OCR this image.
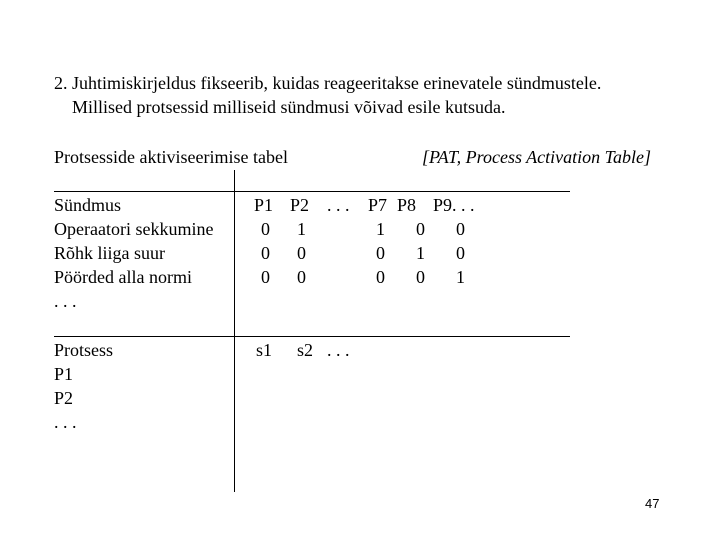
2. Juhtimiskirjeldus fikseerib, kuidas reageeritakse erinevatele sündmustele.
Millised protsessid milliseid sündmusi võivad esile kutsuda.
Protsesside aktiviseerimise tabel	[PAT, Process Activation Table]
Sündmus	P1 P2 . . . P7 P8 P9. . .
Operaatori sekkumine	0 1	1 0 0
Rõhk liiga suur	0 0	0 1 0
Pöörded alla normi	0 0	0 0 1
. . .
Protsess	s1 s2 . . .
P1
P2
. . .
47
